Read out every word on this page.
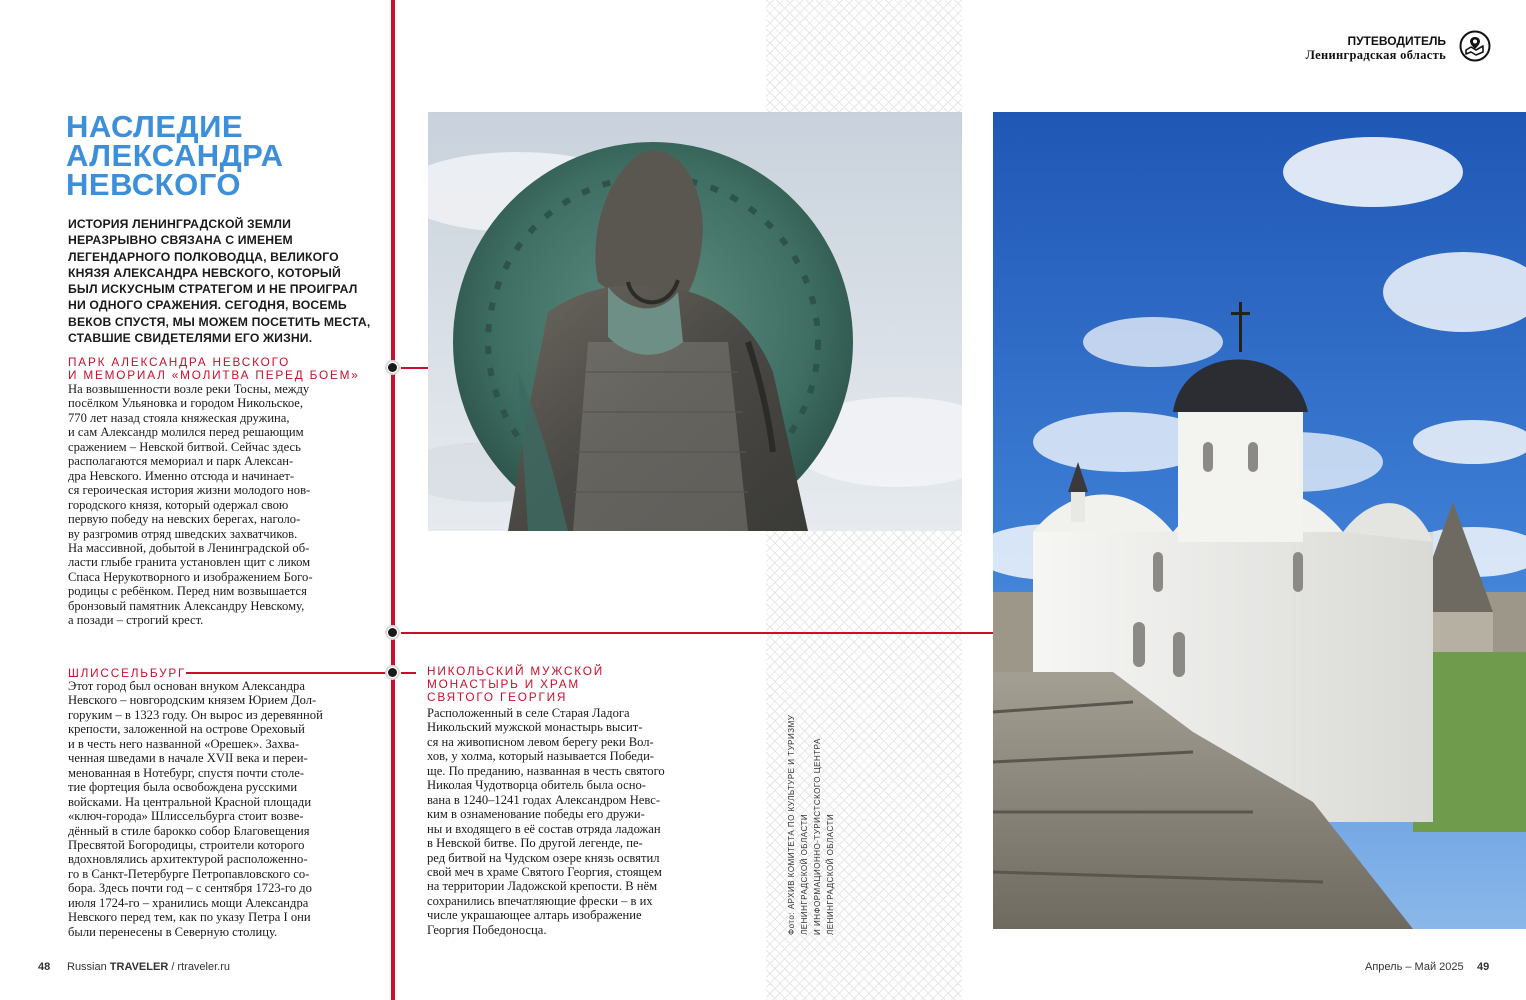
ПУТЕВОДИТЕЛЬ
Ленинградская область
НАСЛЕДИЕ
АЛЕКСАНДРА
НЕВСКОГО
ИСТОРИЯ ЛЕНИНГРАДСКОЙ ЗЕМЛИ НЕРАЗРЫВНО СВЯЗАНА С ИМЕНЕМ ЛЕГЕНДАРНОГО ПОЛКОВОДЦА, ВЕЛИКОГО КНЯЗЯ АЛЕКСАНДРА НЕВСКОГО, КОТОРЫЙ БЫЛ ИСКУСНЫМ СТРАТЕГОМ И НЕ ПРОИГРАЛ НИ ОДНОГО СРАЖЕНИЯ. СЕГОДНЯ, ВОСЕМЬ ВЕКОВ СПУСТЯ, МЫ МОЖЕМ ПОСЕТИТЬ МЕСТА, СТАВШИЕ СВИДЕТЕЛЯМИ ЕГО ЖИЗНИ.
ПАРК АЛЕКСАНДРА НЕВСКОГО
И МЕМОРИАЛ «МОЛИТВА ПЕРЕД БОЕМ»
На возвышенности возле реки Тосны, между
посёлком Ульяновка и городом Никольское,
770 лет назад стояла княжеская дружина,
и сам Александр молился перед решающим
сражением – Невской битвой. Сейчас здесь
располагаются мемориал и парк Алексан-
дра Невского. Именно отсюда и начинает-
ся героическая история жизни молодого нов-
городского князя, который одержал свою
первую победу на невских берегах, наголо-
ву разгромив отряд шведских захватчиков.
На массивной, добытой в Ленинградской об-
ласти глыбе гранита установлен щит с ликом
Спаса Нерукотворного и изображением Бого-
родицы с ребёнком. Перед ним возвышается
бронзовый памятник Александру Невскому,
а позади – строгий крест.
ШЛИССЕЛЬБУРГ
Этот город был основан внуком Александра
Невского – новгородским князем Юрием Дол-
горуким – в 1323 году. Он вырос из деревянной
крепости, заложенной на острове Ореховый
и в честь него названной «Орешек». Захва-
ченная шведами в начале XVII века и переи-
менованная в Нотебург, спустя почти столе-
тие фортеция была освобождена русскими
войсками. На центральной Красной площади
«ключ-города» Шлиссельбурга стоит возве-
дённый в стиле барокко собор Благовещения
Пресвятой Богородицы, строители которого
вдохновлялись архитектурой расположенно-
го в Санкт-Петербурге Петропавловского со-
бора. Здесь почти год – с сентября 1723-го до
июля 1724-го – хранились мощи Александра
Невского перед тем, как по указу Петра I они
были перенесены в Северную столицу.
НИКОЛЬСКИЙ МУЖСКОЙ
МОНАСТЫРЬ И ХРАМ
СВЯТОГО ГЕОРГИЯ
Расположенный в селе Старая Ладога
Никольский мужской монастырь высит-
ся на живописном левом берегу реки Вол-
хов, у холма, который называется Победи-
ще. По преданию, названная в честь святого
Николая Чудотворца обитель была осно-
вана в 1240–1241 годах Александром Невс-
ким в ознаменование победы его дружи-
ны и входящего в её состав отряда ладожан
в Невской битве. По другой легенде, пе-
ред битвой на Чудском озере князь освятил
свой меч в храме Святого Георгия, стоящем
на территории Ладожской крепости. В нём
сохранились впечатляющие фрески – в их
числе украшающее алтарь изображение
Георгия Победоносца.	Фото: АРХИВ КОМИТЕТА ПО КУЛЬТУРЕ И ТУРИЗМУ ЛЕНИНГРАДСКОЙ ОБЛАСТИ И ИНФОРМАЦИОННО-ТУРИСТСКОГО ЦЕНТРА ЛЕНИНГРАДСКОЙ ОБЛАСТИ
48 Russian TRAVELER / rtraveler.ru	Апрель – Май 2025 49
